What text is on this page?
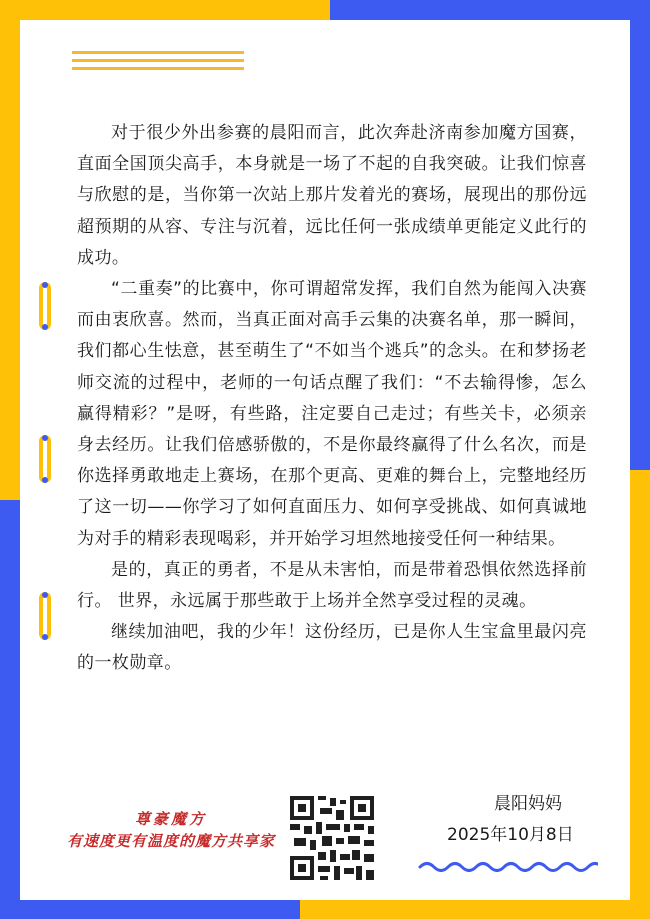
对于很少外出参赛的晨阳而言，此次奔赴济南参加魔方国赛，直面全国顶尖高手，本身就是一场了不起的自我突破。让我们惊喜与欣慰的是，当你第一次站上那片发着光的赛场，展现出的那份远超预期的从容、专注与沉着，远比任何一张成绩单更能定义此行的成功。

“二重奏”的比赛中，你可谓超常发挥，我们自然为能闯入决赛而由衷欣喜。然而，当真正面对高手云集的决赛名单，那一瞬间，我们都心生怯意，甚至萌生了“不如当个逃兵”的念头。在和梦扬老师交流的过程中，老师的一句话点醒了我们：“不去输得惨，怎么赢得精彩？”是呀，有些路，注定要自己走过；有些关卡，必须亲身去经历。让我们倍感骄傲的，不是你最终赢得了什么名次，而是你选择勇敢地走上赛场，在那个更高、更难的舞台上，完整地经历了这一切——你学习了如何直面压力、如何享受挑战、如何真诚地为对手的精彩表现喝彩，并开始学习坦然地接受任何一种结果。

是的，真正的勇者，不是从未害怕，而是带着恐惧依然选择前行。 世界，永远属于那些敢于上场并全然享受过程的灵魂。

继续加油吧，我的少年！这份经历，已是你人生宝盒里最闪亮的一枚勋章。

尊豪魔方
有速度更有温度的魔方共享家
晨阳妈妈
2025年10月8日
